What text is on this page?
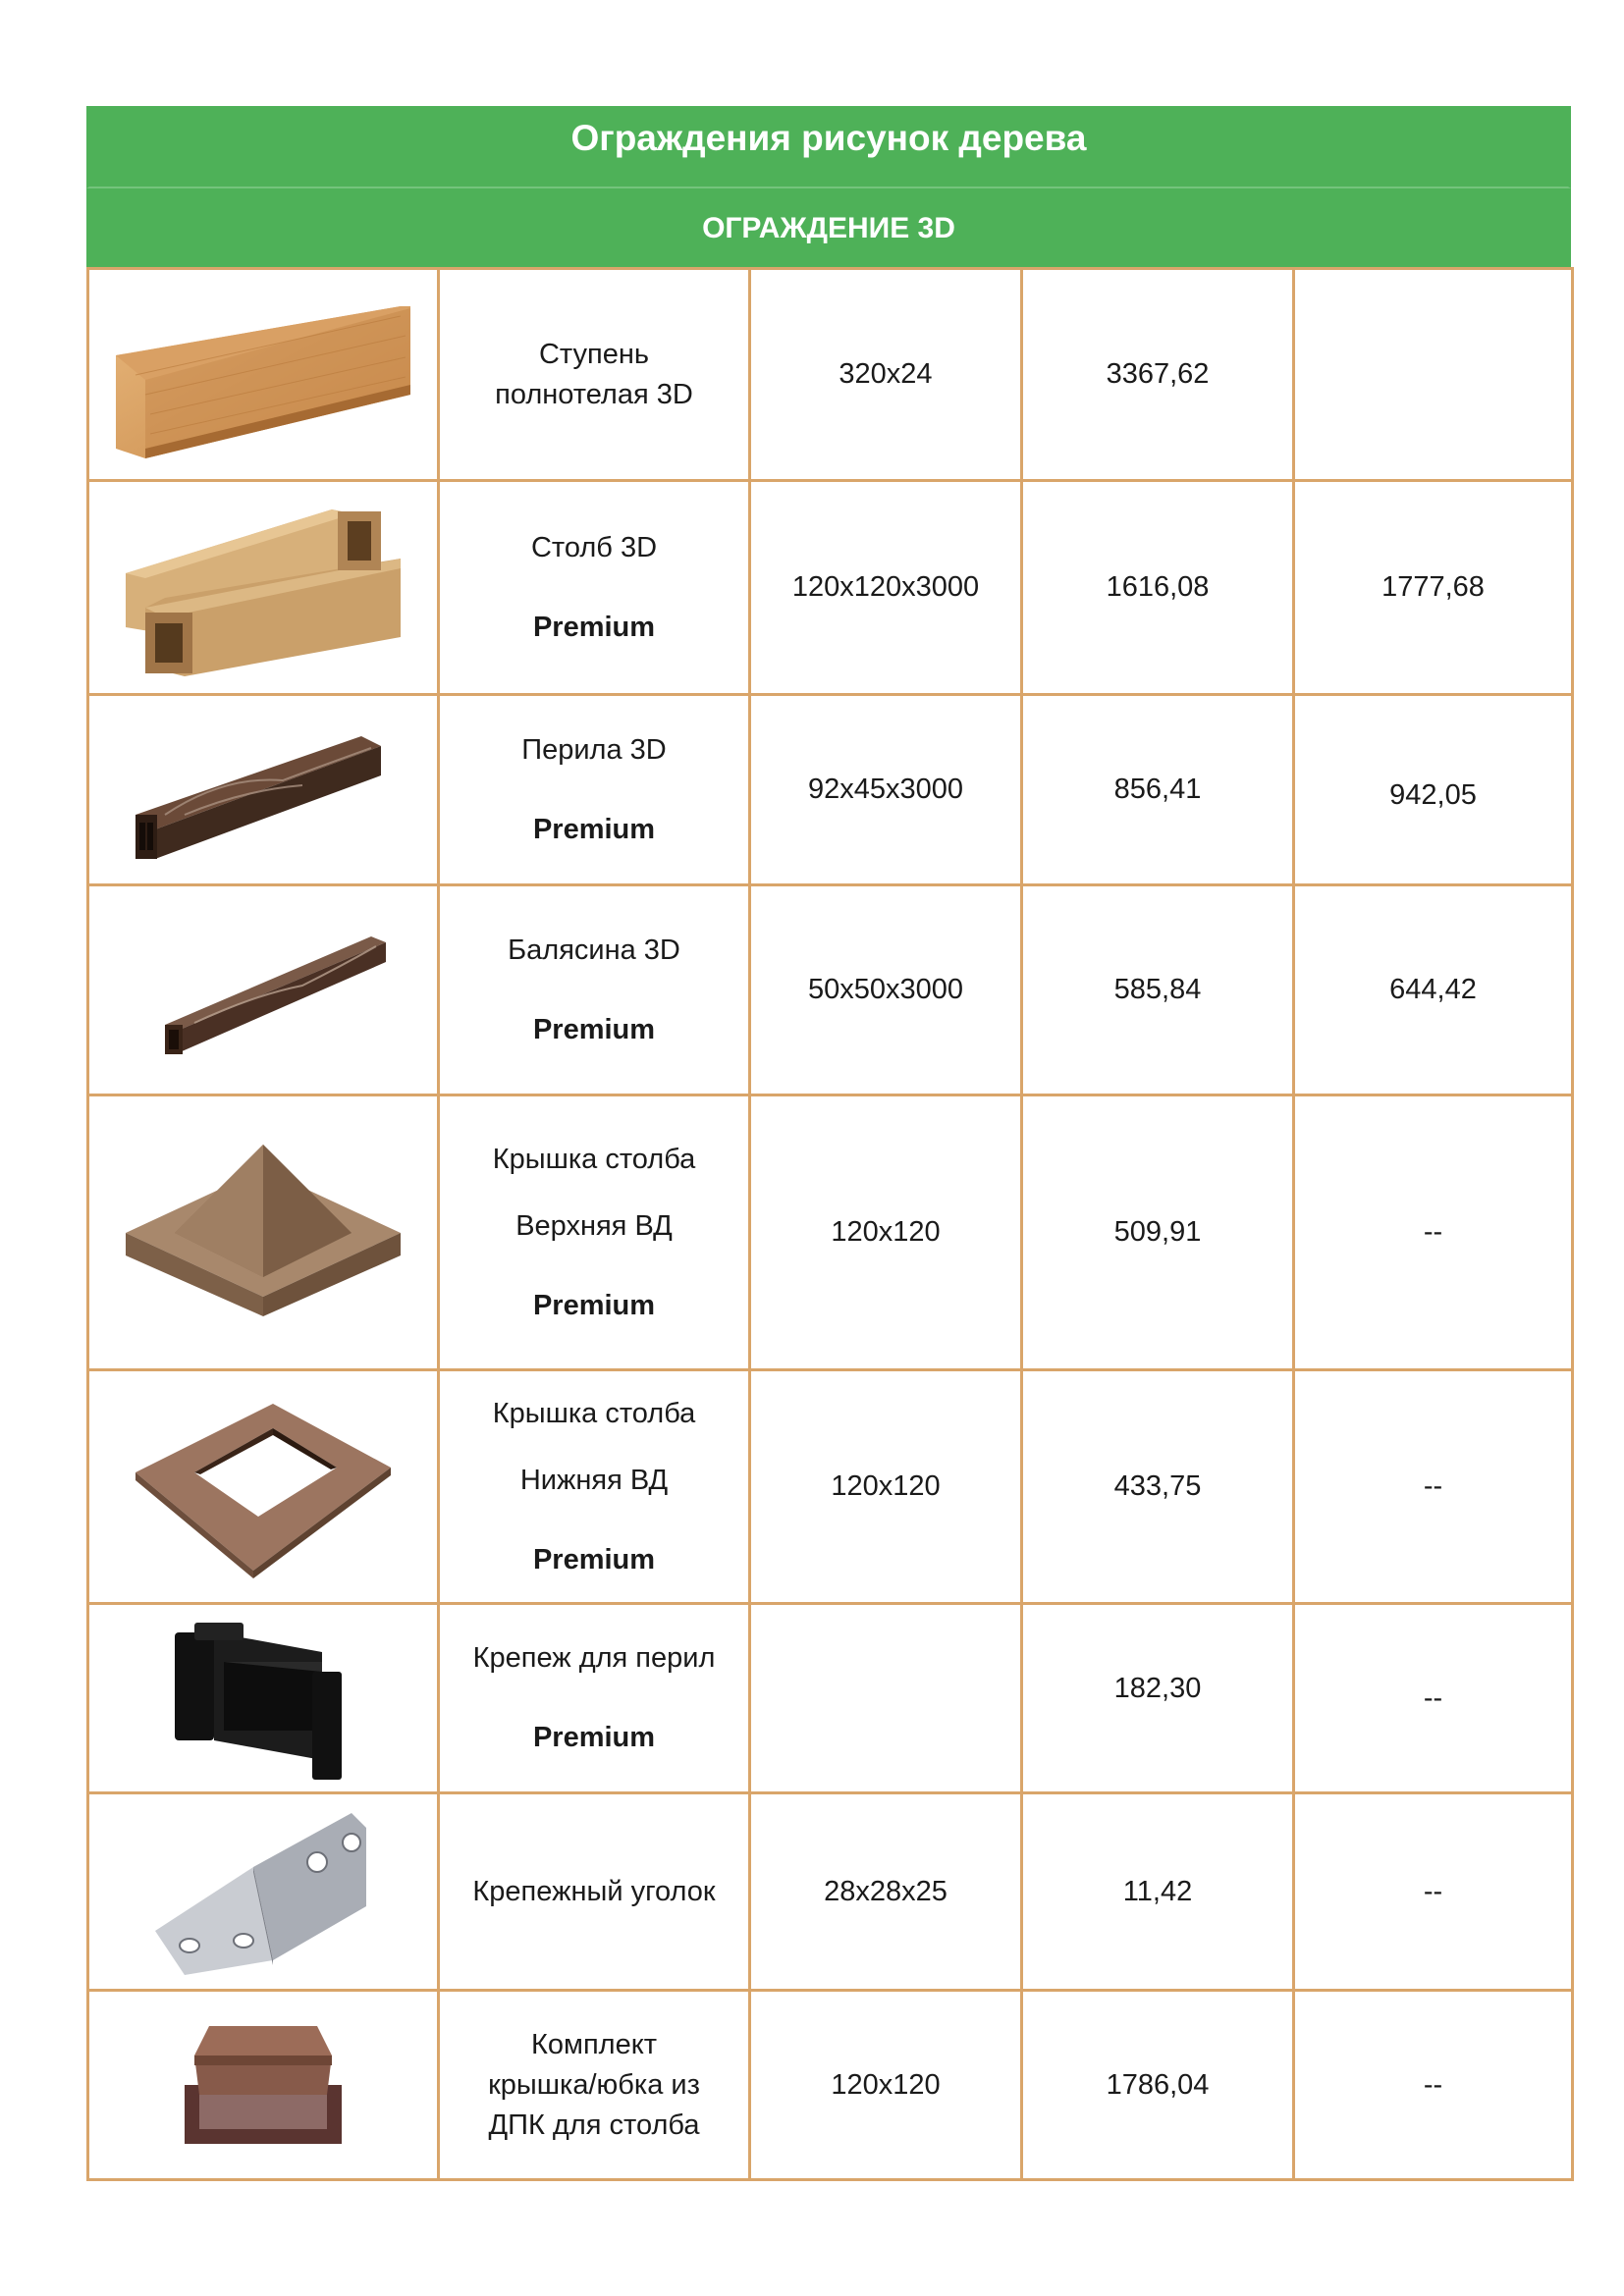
Ограждения рисунок дерева
ОГРАЖДЕНИЕ 3D

Ступень
полнотелая 3D	320x24	3367,62	

Столб 3D
Premium	120x120x3000	1616,08	1777,68

Перила 3D
Premium	92x45x3000	856,41	942,05

Балясина 3D
Premium	50x50x3000	585,84	644,42

Крышка столба
Верхняя ВД
Premium	120x120	509,91	--

Крышка столба
Нижняя ВД
Premium	120x120	433,75	--

Крепеж для перил
Premium		182,30	--

Крепежный уголок	28x28x25	11,42	--

Комплект
крышка/юбка из
ДПК для столба	120x120	1786,04	--
